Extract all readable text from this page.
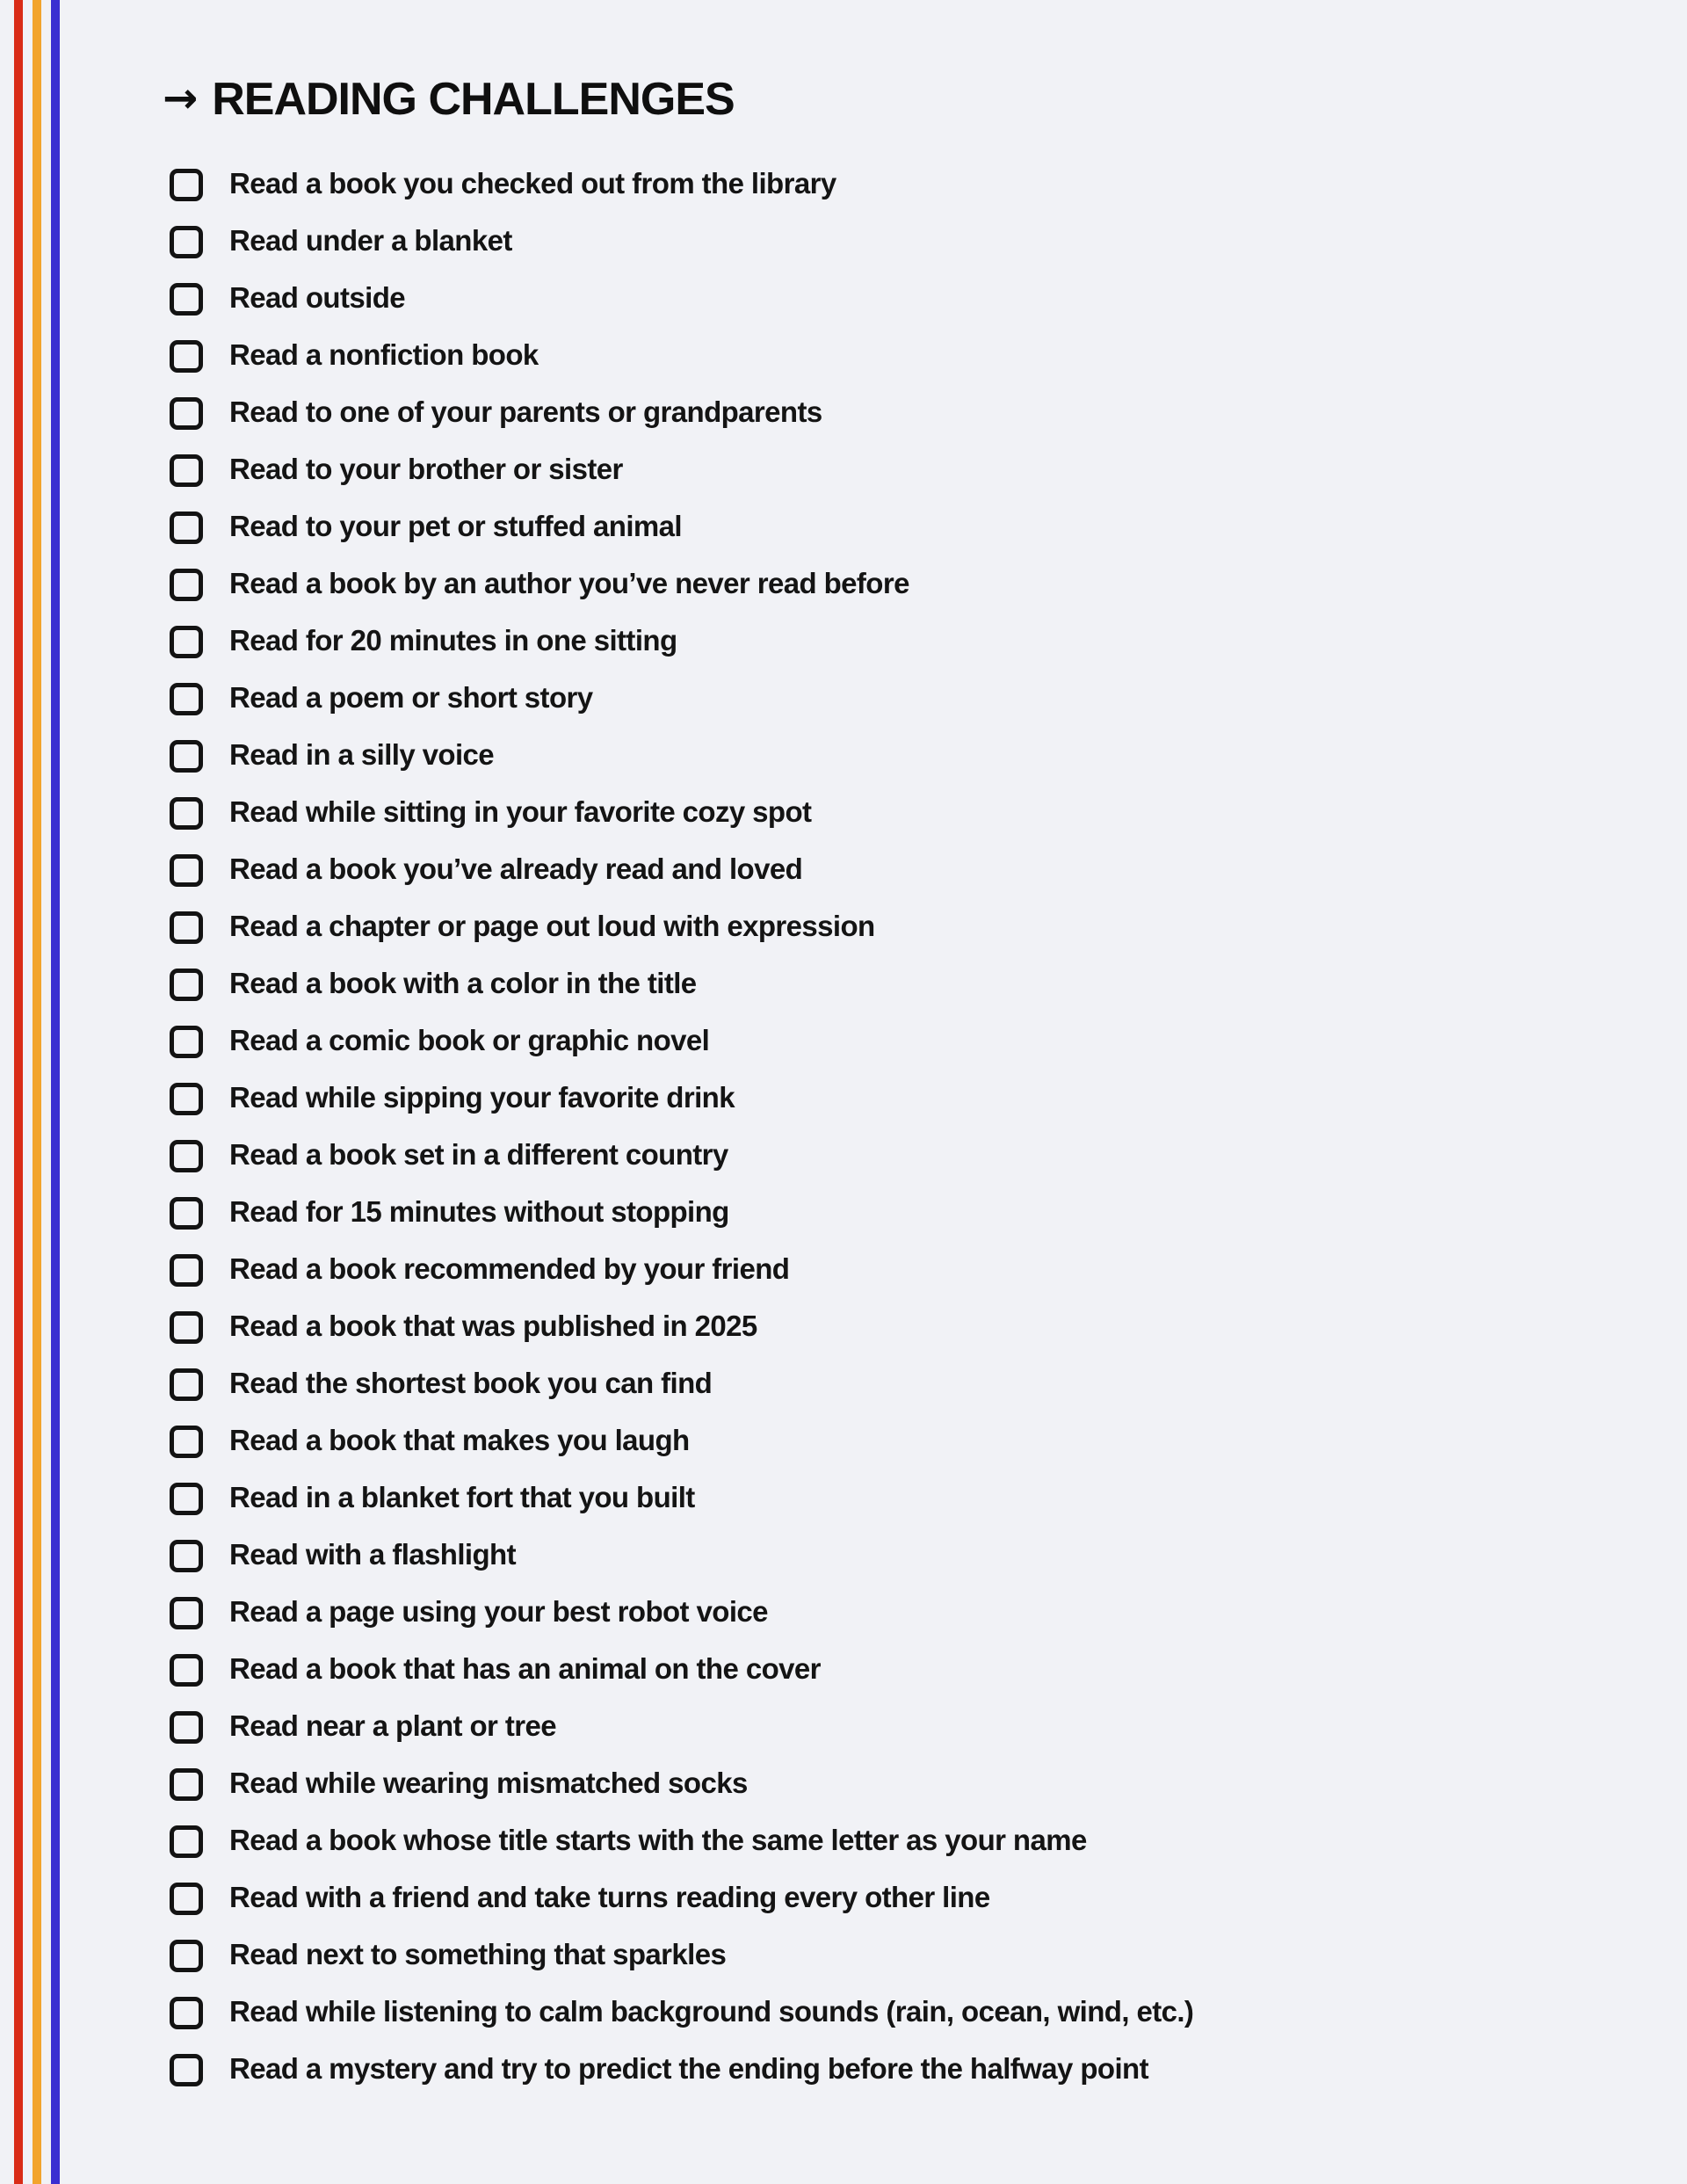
→ READING CHALLENGES
Read a book you checked out from the library
Read under a blanket
Read outside
Read a nonfiction book
Read to one of your parents or grandparents
Read to your brother or sister
Read to your pet or stuffed animal
Read a book by an author you’ve never read before
Read for 20 minutes in one sitting
Read a poem or short story
Read in a silly voice
Read while sitting in your favorite cozy spot
Read a book you’ve already read and loved
Read a chapter or page out loud with expression
Read a book with a color in the title
Read a comic book or graphic novel
Read while sipping your favorite drink
Read a book set in a different country
Read for 15 minutes without stopping
Read a book recommended by your friend
Read a book that was published in 2025
Read the shortest book you can find
Read a book that makes you laugh
Read in a blanket fort that you built
Read with a flashlight
Read a page using your best robot voice
Read a book that has an animal on the cover
Read near a plant or tree
Read while wearing mismatched socks
Read a book whose title starts with the same letter as your name
Read with a friend and take turns reading every other line
Read next to something that sparkles
Read while listening to calm background sounds (rain, ocean, wind, etc.)
Read a mystery and try to predict the ending before the halfway point
